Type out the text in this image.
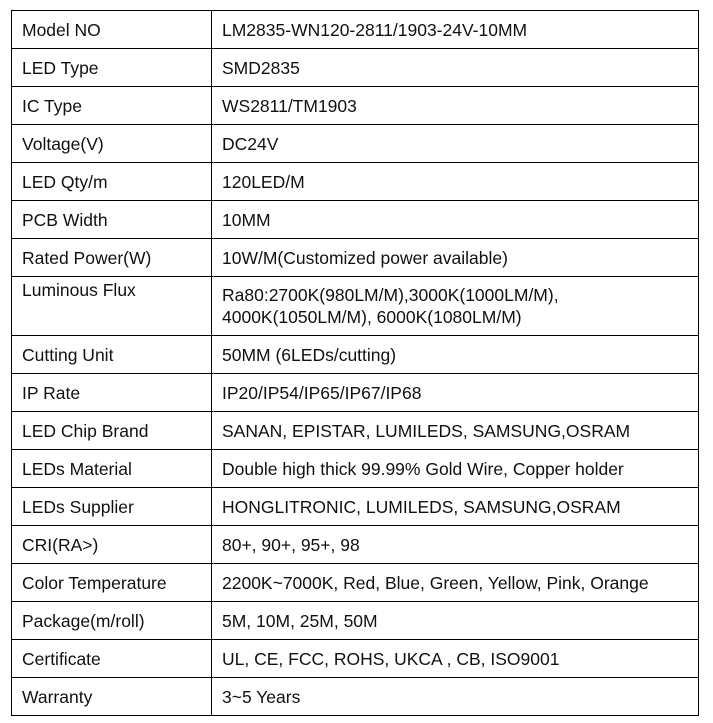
Model NO	LM2835-WN120-2811/1903-24V-10MM
LED Type	SMD2835
IC Type	WS2811/TM1903
Voltage(V)	DC24V
LED Qty/m	120LED/M
PCB Width	10MM
Rated Power(W)	10W/M(Customized power available)
Luminous Flux	Ra80:2700K(980LM/M),3000K(1000LM/M),
4000K(1050LM/M), 6000K(1080LM/M)

Cutting Unit	50MM (6LEDs/cutting)
IP Rate	IP20/IP54/IP65/IP67/IP68
LED Chip Brand	SANAN, EPISTAR, LUMILEDS, SAMSUNG,OSRAM
LEDs Material	Double high thick 99.99% Gold Wire, Copper holder
LEDs Supplier	HONGLITRONIC, LUMILEDS, SAMSUNG,OSRAM
CRI(RA>)	80+, 90+, 95+, 98
Color Temperature	2200K~7000K, Red, Blue, Green, Yellow, Pink, Orange
Package(m/roll)	5M, 10M, 25M, 50M
Certificate	UL, CE, FCC, ROHS, UKCA , CB, ISO9001
Warranty	3~5 Years
